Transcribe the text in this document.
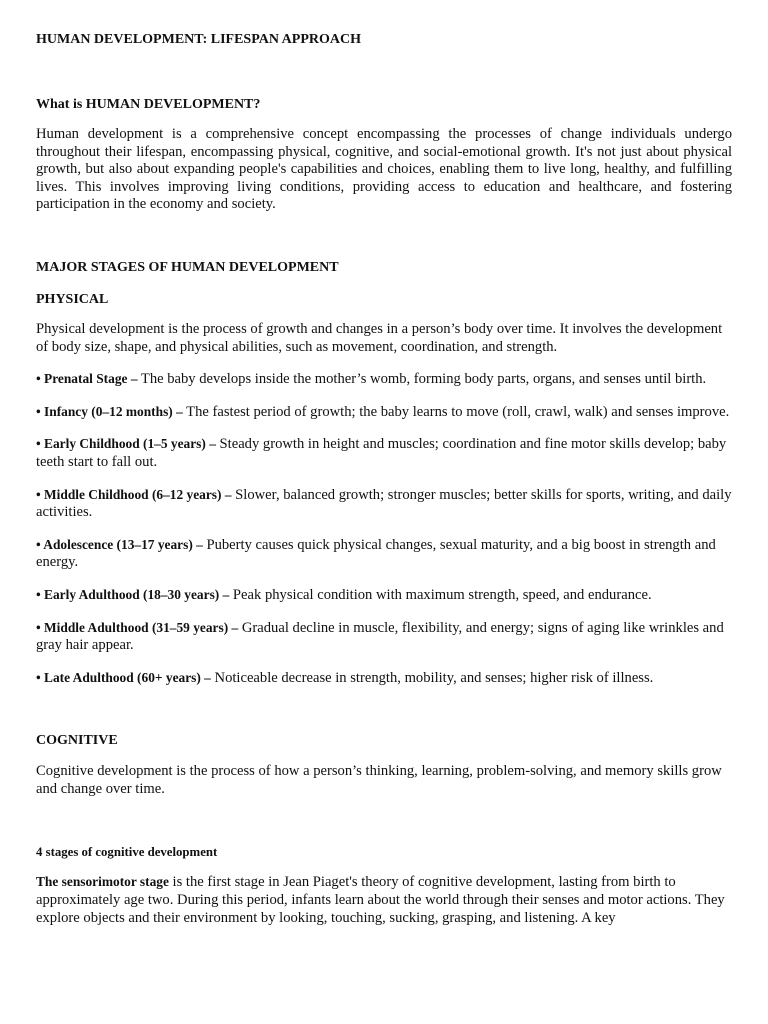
HUMAN DEVELOPMENT: LIFESPAN APPROACH

What is HUMAN DEVELOPMENT?

Human development is a comprehensive concept encompassing the processes of change individuals undergo throughout their lifespan, encompassing physical, cognitive, and social-emotional growth. It's not just about physical growth, but also about expanding people's capabilities and choices, enabling them to live long, healthy, and fulfilling lives. This involves improving living conditions, providing access to education and healthcare, and fostering participation in the economy and society.

MAJOR STAGES OF HUMAN DEVELOPMENT

PHYSICAL

Physical development is the process of growth and changes in a person’s body over time. It involves the development of body size, shape, and physical abilities, such as movement, coordination, and strength.

• Prenatal Stage – The baby develops inside the mother’s womb, forming body parts, organs, and senses until birth.
• Infancy (0–12 months) – The fastest period of growth; the baby learns to move (roll, crawl, walk) and senses improve.
• Early Childhood (1–5 years) – Steady growth in height and muscles; coordination and fine motor skills develop; baby teeth start to fall out.
• Middle Childhood (6–12 years) – Slower, balanced growth; stronger muscles; better skills for sports, writing, and daily activities.
• Adolescence (13–17 years) – Puberty causes quick physical changes, sexual maturity, and a big boost in strength and energy.
• Early Adulthood (18–30 years) – Peak physical condition with maximum strength, speed, and endurance.
• Middle Adulthood (31–59 years) – Gradual decline in muscle, flexibility, and energy; signs of aging like wrinkles and gray hair appear.
• Late Adulthood (60+ years) – Noticeable decrease in strength, mobility, and senses; higher risk of illness.

COGNITIVE

Cognitive development is the process of how a person’s thinking, learning, problem-solving, and memory skills grow and change over time.

4 stages of cognitive development

The sensorimotor stage is the first stage in Jean Piaget's theory of cognitive development, lasting from birth to approximately age two. During this period, infants learn about the world through their senses and motor actions. They explore objects and their environment by looking, touching, sucking, grasping, and listening. A key
